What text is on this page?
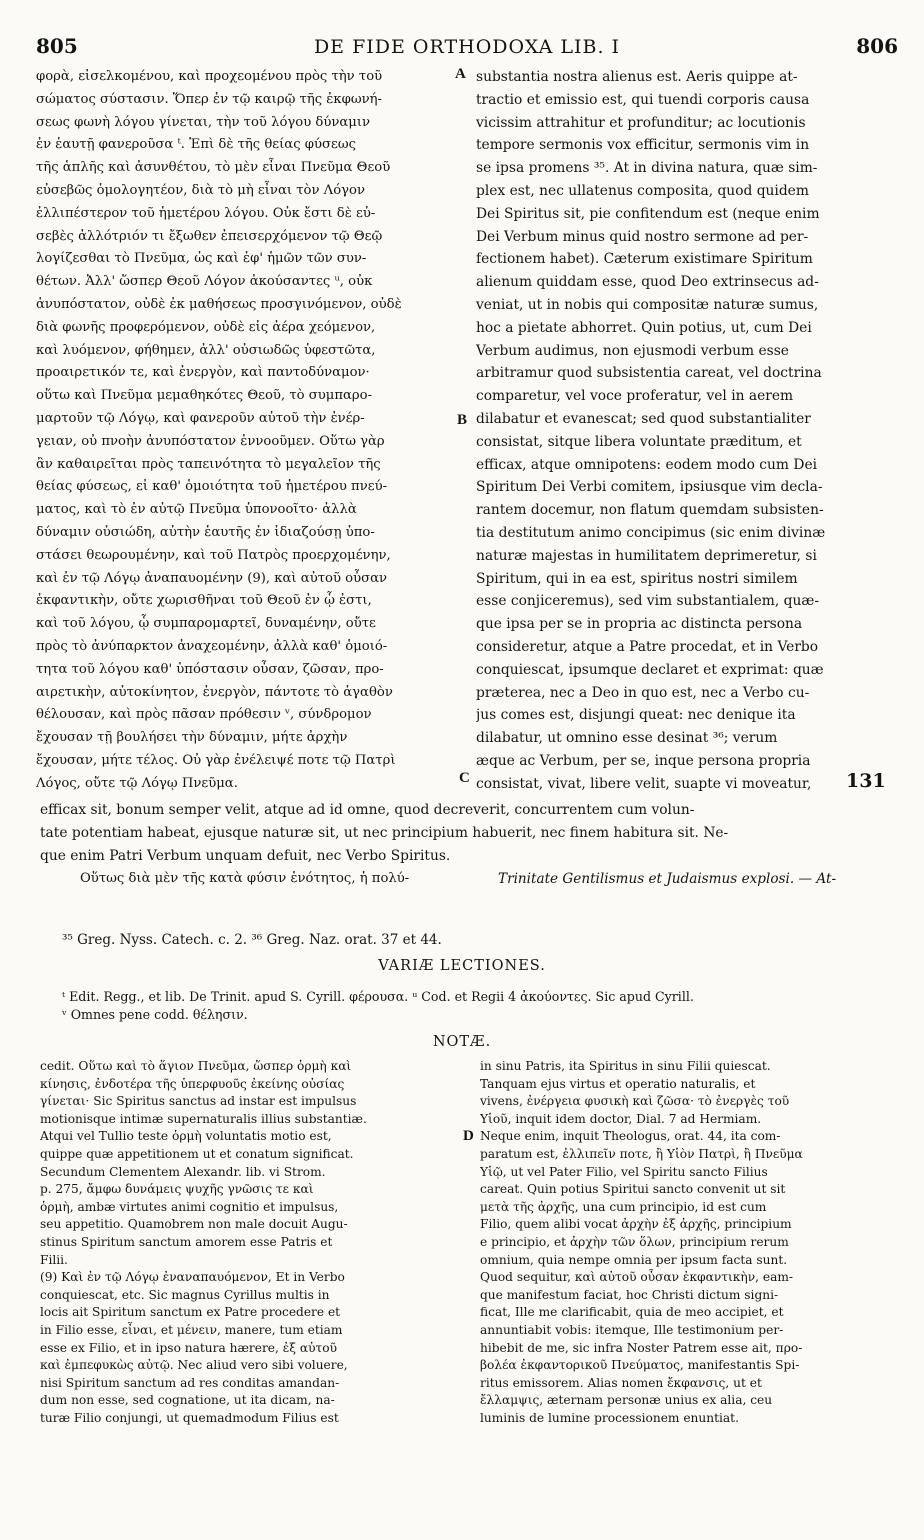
805	DE FIDE ORTHODOXA LIB. I	806
φορὰ, εἰσελκομένου, καὶ προχεομένου πρὸς τὴν τοῦ
σώματος σύστασιν. Ὅπερ ἐν τῷ καιρῷ τῆς ἐκφωνή-
σεως φωνὴ λόγου γίνεται, τὴν τοῦ λόγου δύναμιν
ἐν ἑαυτῇ φανεροῦσα ᵗ. Ἐπὶ δὲ τῆς θείας φύσεως
τῆς ἁπλῆς καὶ ἀσυνθέτου, τὸ μὲν εἶναι Πνεῦμα Θεοῦ
εὐσεβῶς ὁμολογητέον, διὰ τὸ μὴ εἶναι τὸν Λόγον
ἐλλιπέστερον τοῦ ἡμετέρου λόγου. Οὐκ ἔστι δὲ εὐ-
σεβὲς ἀλλότριόν τι ἔξωθεν ἐπεισερχόμενον τῷ Θεῷ
λογίζεσθαι τὸ Πνεῦμα, ὡς καὶ ἐφ' ἡμῶν τῶν συν-
θέτων. Ἀλλ' ὥσπερ Θεοῦ Λόγον ἀκούσαντες ᵘ, οὐκ
ἀνυπόστατον, οὐδὲ ἐκ μαθήσεως προσγινόμενον, οὐδὲ
διὰ φωνῆς προφερόμενον, οὐδὲ εἰς ἀέρα χεόμενον,
καὶ λυόμενον, φήθημεν, ἀλλ' οὐσιωδῶς ὑφεστῶτα,
προαιρετικόν τε, καὶ ἐνεργὸν, καὶ παντοδύναμον·
οὕτω καὶ Πνεῦμα μεμαθηκότες Θεοῦ, τὸ συμπαρο-
μαρτοῦν τῷ Λόγῳ, καὶ φανεροῦν αὐτοῦ τὴν ἐνέρ-
γειαν, οὐ πνοὴν ἀνυπόστατον ἐννοοῦμεν. Οὕτω γὰρ
ἂν καθαιρεῖται πρὸς ταπεινότητα τὸ μεγαλεῖον τῆς
θείας φύσεως, εἰ καθ' ὁμοιότητα τοῦ ἡμετέρου πνεύ-
ματος, καὶ τὸ ἐν αὐτῷ Πνεῦμα ὑπονοοῖτο· ἀλλὰ
δύναμιν οὐσιώδη, αὐτὴν ἑαυτῆς ἐν ἰδιαζούσῃ ὑπο-
στάσει θεωρουμένην, καὶ τοῦ Πατρὸς προερχομένην,
καὶ ἐν τῷ Λόγῳ ἀναπαυομένην (9), καὶ αὐτοῦ οὖσαν
ἐκφαντικὴν, οὔτε χωρισθῆναι τοῦ Θεοῦ ἐν ᾧ ἐστι,
καὶ τοῦ λόγου, ᾧ συμπαρομαρτεῖ, δυναμένην, οὔτε
πρὸς τὸ ἀνύπαρκτον ἀναχεομένην, ἀλλὰ καθ' ὁμοιό-
τητα τοῦ λόγου καθ' ὑπόστασιν οὖσαν, ζῶσαν, προ-
αιρετικὴν, αὐτοκίνητον, ἐνεργὸν, πάντοτε τὸ ἀγαθὸν
θέλουσαν, καὶ πρὸς πᾶσαν πρόθεσιν ᵛ, σύνδρομον
ἔχουσαν τῇ βουλήσει τὴν δύναμιν, μήτε ἀρχὴν
ἔχουσαν, μήτε τέλος. Οὐ γὰρ ἐνέλειψέ ποτε τῷ Πατρὶ
Λόγος, οὔτε τῷ Λόγῳ Πνεῦμα.
substantia nostra alienus est. Aeris quippe at-
tractio et emissio est, qui tuendi corporis causa
vicissim attrahitur et profunditur; ac locutionis
tempore sermonis vox efficitur, sermonis vim in
se ipsa promens ³⁵. At in divina natura, quæ sim-
plex est, nec ullatenus composita, quod quidem
Dei Spiritus sit, pie confitendum est (neque enim
Dei Verbum minus quid nostro sermone ad per-
fectionem habet). Cæterum existimare Spiritum
alienum quiddam esse, quod Deo extrinsecus ad-
veniat, ut in nobis qui compositæ naturæ sumus,
hoc a pietate abhorret. Quin potius, ut, cum Dei
Verbum audimus, non ejusmodi verbum esse
arbitramur quod subsistentia careat, vel doctrina
comparetur, vel voce proferatur, vel in aerem
dilabatur et evanescat; sed quod substantialiter
consistat, sitque libera voluntate præditum, et
efficax, atque omnipotens: eodem modo cum Dei
Spiritum Dei Verbi comitem, ipsiusque vim decla-
rantem docemur, non flatum quemdam subsisten-
tia destitutum animo concipimus (sic enim divinæ
naturæ majestas in humilitatem deprimeretur, si
Spiritum, qui in ea est, spiritus nostri similem
esse conjiceremus), sed vim substantialem, quæ-
que ipsa per se in propria ac distincta persona
consideretur, atque a Patre procedat, et in Verbo
conquiescat, ipsumque declaret et exprimat: quæ
præterea, nec a Deo in quo est, nec a Verbo cu-
jus comes est, disjungi queat: nec denique ita
dilabatur, ut omnino esse desinat ³⁶; verum
æque ac Verbum, per se, inque persona propria
consistat, vivat, libere velit, suapte vi moveatur,
A
B
C	131
efficax sit, bonum semper velit, atque ad id omne, quod decreverit, concurrentem cum volun-
tate potentiam habeat, ejusque naturæ sit, ut nec principium habuerit, nec finem habitura sit. Ne-
que enim Patri Verbum unquam defuit, nec Verbo Spiritus.
Οὕτως διὰ μὲν τῆς κατὰ φύσιν ἑνότητος, ἡ πολύ-	Trinitate Gentilismus et Judaismus explosi. — At-
³⁵ Greg. Nyss. Catech. c. 2. ³⁶ Greg. Naz. orat. 37 et 44.
VARIÆ LECTIONES.
ᵗ Edit. Regg., et lib. De Trinit. apud S. Cyrill. φέρουσα. ᵘ Cod. et Regii 4 ἀκούοντες. Sic apud Cyrill.
ᵛ Omnes pene codd. θέλησιν.
NOTÆ.
cedit. Οὕτω καὶ τὸ ἅγιον Πνεῦμα, ὥσπερ ὁρμὴ καὶ
κίνησις, ἐνδοτέρα τῆς ὑπερφυοῦς ἐκείνης οὐσίας
γίνεται· Sic Spiritus sanctus ad instar est impulsus
motionisque intimæ supernaturalis illius substantiæ.
Atqui vel Tullio teste ὁρμὴ voluntatis motio est,
quippe quæ appetitionem ut et conatum significat.
Secundum Clementem Alexandr. lib. vi Strom.
p. 275, ἄμφω δυνάμεις ψυχῆς γνῶσις τε καὶ
ὁρμὴ, ambæ virtutes animi cognitio et impulsus,
seu appetitio. Quamobrem non male docuit Augu-
stinus Spiritum sanctum amorem esse Patris et
Filii.
(9) Καὶ ἐν τῷ Λόγῳ ἐναναπαυόμενον, Et in Verbo
conquiescat, etc. Sic magnus Cyrillus multis in
locis ait Spiritum sanctum ex Patre procedere et
in Filio esse, εἶναι, et μένειν, manere, tum etiam
esse ex Filio, et in ipso natura hærere, ἐξ αὐτοῦ
καὶ ἐμπεφυκὼς αὐτῷ. Nec aliud vero sibi voluere,
nisi Spiritum sanctum ad res conditas amandan-
dum non esse, sed cognatione, ut ita dicam, na-
turæ Filio conjungi, ut quemadmodum Filius est
D
in sinu Patris, ita Spiritus in sinu Filii quiescat.
Tanquam ejus virtus et operatio naturalis, et
vivens, ἐνέργεια φυσικὴ καὶ ζῶσα· τὸ ἐνεργὲς τοῦ
Υἱοῦ, inquit idem doctor, Dial. 7 ad Hermiam.
Neque enim, inquit Theologus, orat. 44, ita com-
paratum est, ἐλλιπεῖν ποτε, ἢ Υἱὸν Πατρὶ, ἢ Πνεῦμα
Υἱῷ, ut vel Pater Filio, vel Spiritu sancto Filius
careat. Quin potius Spiritui sancto convenit ut sit
μετὰ τῆς ἀρχῆς, una cum principio, id est cum
Filio, quem alibi vocat ἀρχὴν ἐξ ἀρχῆς, principium
e principio, et ἀρχὴν τῶν ὅλων, principium rerum
omnium, quia nempe omnia per ipsum facta sunt.
Quod sequitur, καὶ αὐτοῦ οὖσαν ἐκφαντικὴν, eam-
que manifestum faciat, hoc Christi dictum signi-
ficat, Ille me clarificabit, quia de meo accipiet, et
annuntiabit vobis: itemque, Ille testimonium per-
hibebit de me, sic infra Noster Patrem esse ait, προ-
βολέα ἐκφαντορικοῦ Πνεύματος, manifestantis Spi-
ritus emissorem. Alias nomen ἔκφανσις, ut et
ἔλλαμψις, æternam personæ unius ex alia, ceu
luminis de lumine processionem enuntiat.
